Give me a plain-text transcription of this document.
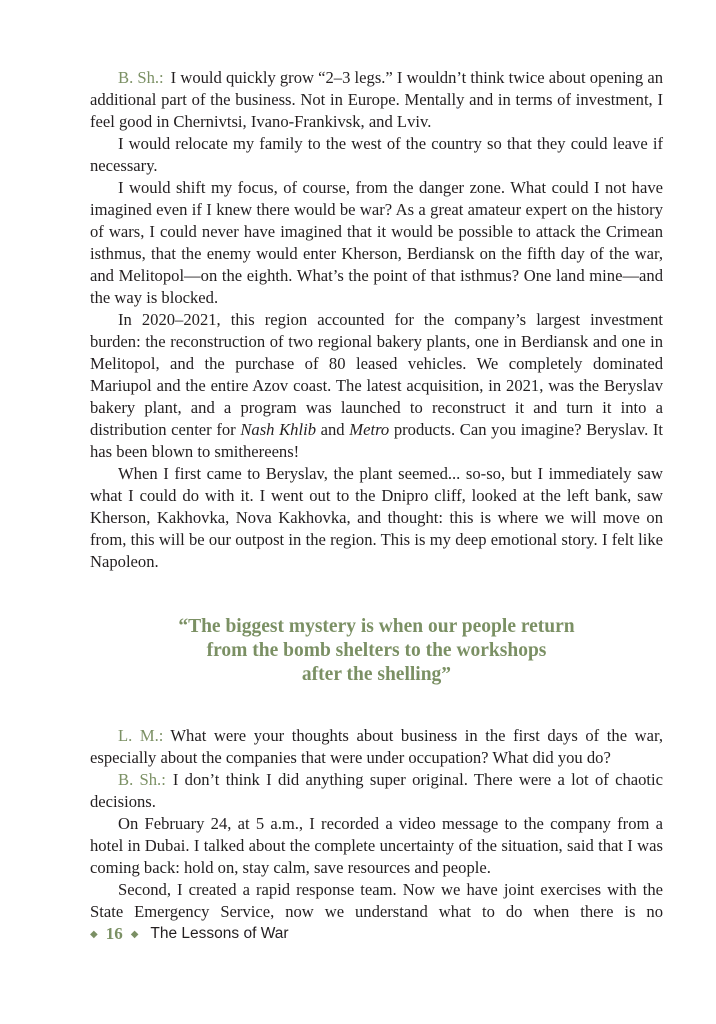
B. Sh.: I would quickly grow “2–3 legs.” I wouldn’t think twice about opening an additional part of the business. Not in Europe. Mentally and in terms of investment, I feel good in Chernivtsi, Ivano-Frankivsk, and Lviv.

I would relocate my family to the west of the country so that they could leave if necessary.

I would shift my focus, of course, from the danger zone. What could I not have imagined even if I knew there would be war? As a great amateur expert on the history of wars, I could never have imagined that it would be possible to attack the Crimean isthmus, that the enemy would enter Kherson, Berdiansk on the fifth day of the war, and Melitopol—on the eighth. What’s the point of that isthmus? One land mine—and the way is blocked.

In 2020–2021, this region accounted for the company’s largest investment burden: the reconstruction of two regional bakery plants, one in Berdiansk and one in Melitopol, and the purchase of 80 leased vehicles. We completely dominated Mariupol and the entire Azov coast. The latest acquisition, in 2021, was the Beryslav bakery plant, and a program was launched to reconstruct it and turn it into a distribution center for Nash Khlib and Metro products. Can you imagine? Beryslav. It has been blown to smithereens!

When I first came to Beryslav, the plant seemed... so-so, but I immediately saw what I could do with it. I went out to the Dnipro cliff, looked at the left bank, saw Kherson, Kakhovka, Nova Kakhovka, and thought: this is where we will move on from, this will be our outpost in the region. This is my deep emotional story. I felt like Napoleon.

“The biggest mystery is when our people return
from the bomb shelters to the workshops
after the shelling”

L. M.: What were your thoughts about business in the first days of the war, especially about the companies that were under occupation? What did you do?

B. Sh.: I don’t think I did anything super original. There were a lot of chaotic decisions.

On February 24, at 5 a.m., I recorded a video message to the company from a hotel in Dubai. I talked about the complete uncertainty of the situation, said that I was coming back: hold on, stay calm, save resources and people.

Second, I created a rapid response team. Now we have joint exercises with the State Emergency Service, now we understand what to do when there is no

◆ 16 ◆ The Lessons of War
